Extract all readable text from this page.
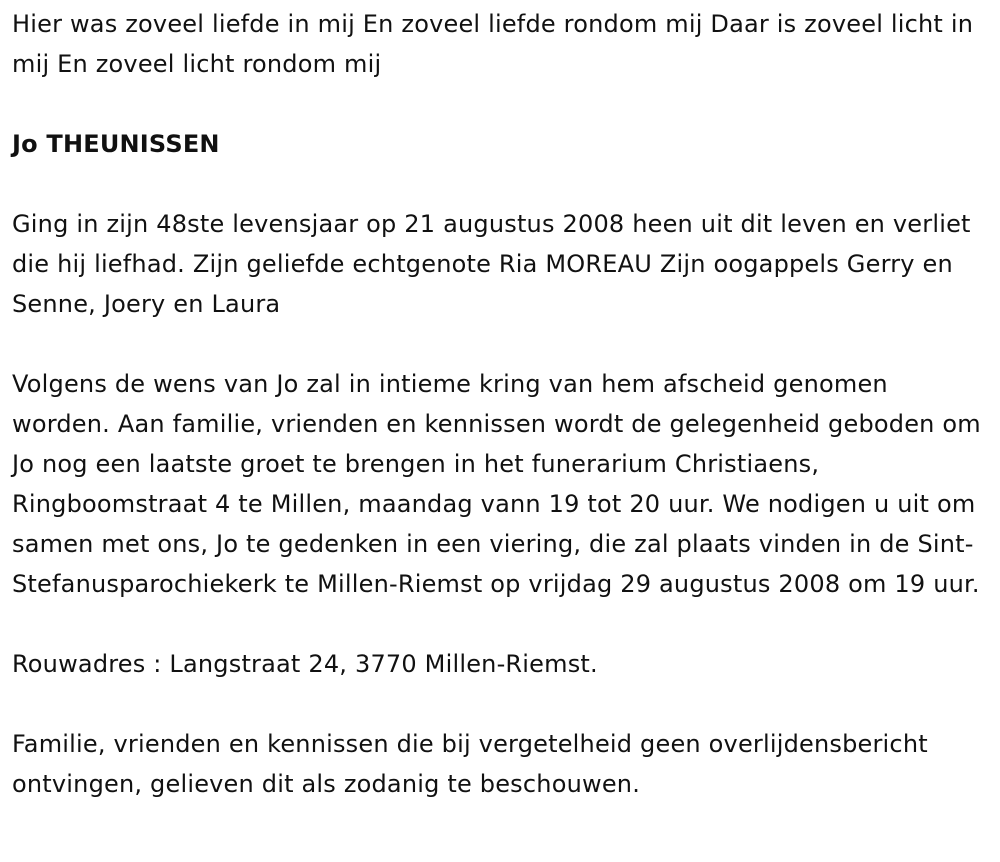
Hier was zoveel liefde in mij En zoveel liefde rondom mij Daar is zoveel licht in mij En zoveel licht rondom mij

Jo THEUNISSEN

Ging in zijn 48ste levensjaar op 21 augustus 2008 heen uit dit leven en verliet die hij liefhad. Zijn geliefde echtgenote Ria MOREAU Zijn oogappels Gerry en Senne, Joery en Laura

Volgens de wens van Jo zal in intieme kring van hem afscheid genomen worden. Aan familie, vrienden en kennissen wordt de gelegenheid geboden om Jo nog een laatste groet te brengen in het funerarium Christiaens, Ringboomstraat 4 te Millen, maandag vann 19 tot 20 uur. We nodigen u uit om samen met ons, Jo te gedenken in een viering, die zal plaats vinden in de Sint-Stefanusparochiekerk te Millen-Riemst op vrijdag 29 augustus 2008 om 19 uur.

Rouwadres : Langstraat 24, 3770 Millen-Riemst.

Familie, vrienden en kennissen die bij vergetelheid geen overlijdensbericht ontvingen, gelieven dit als zodanig te beschouwen.
